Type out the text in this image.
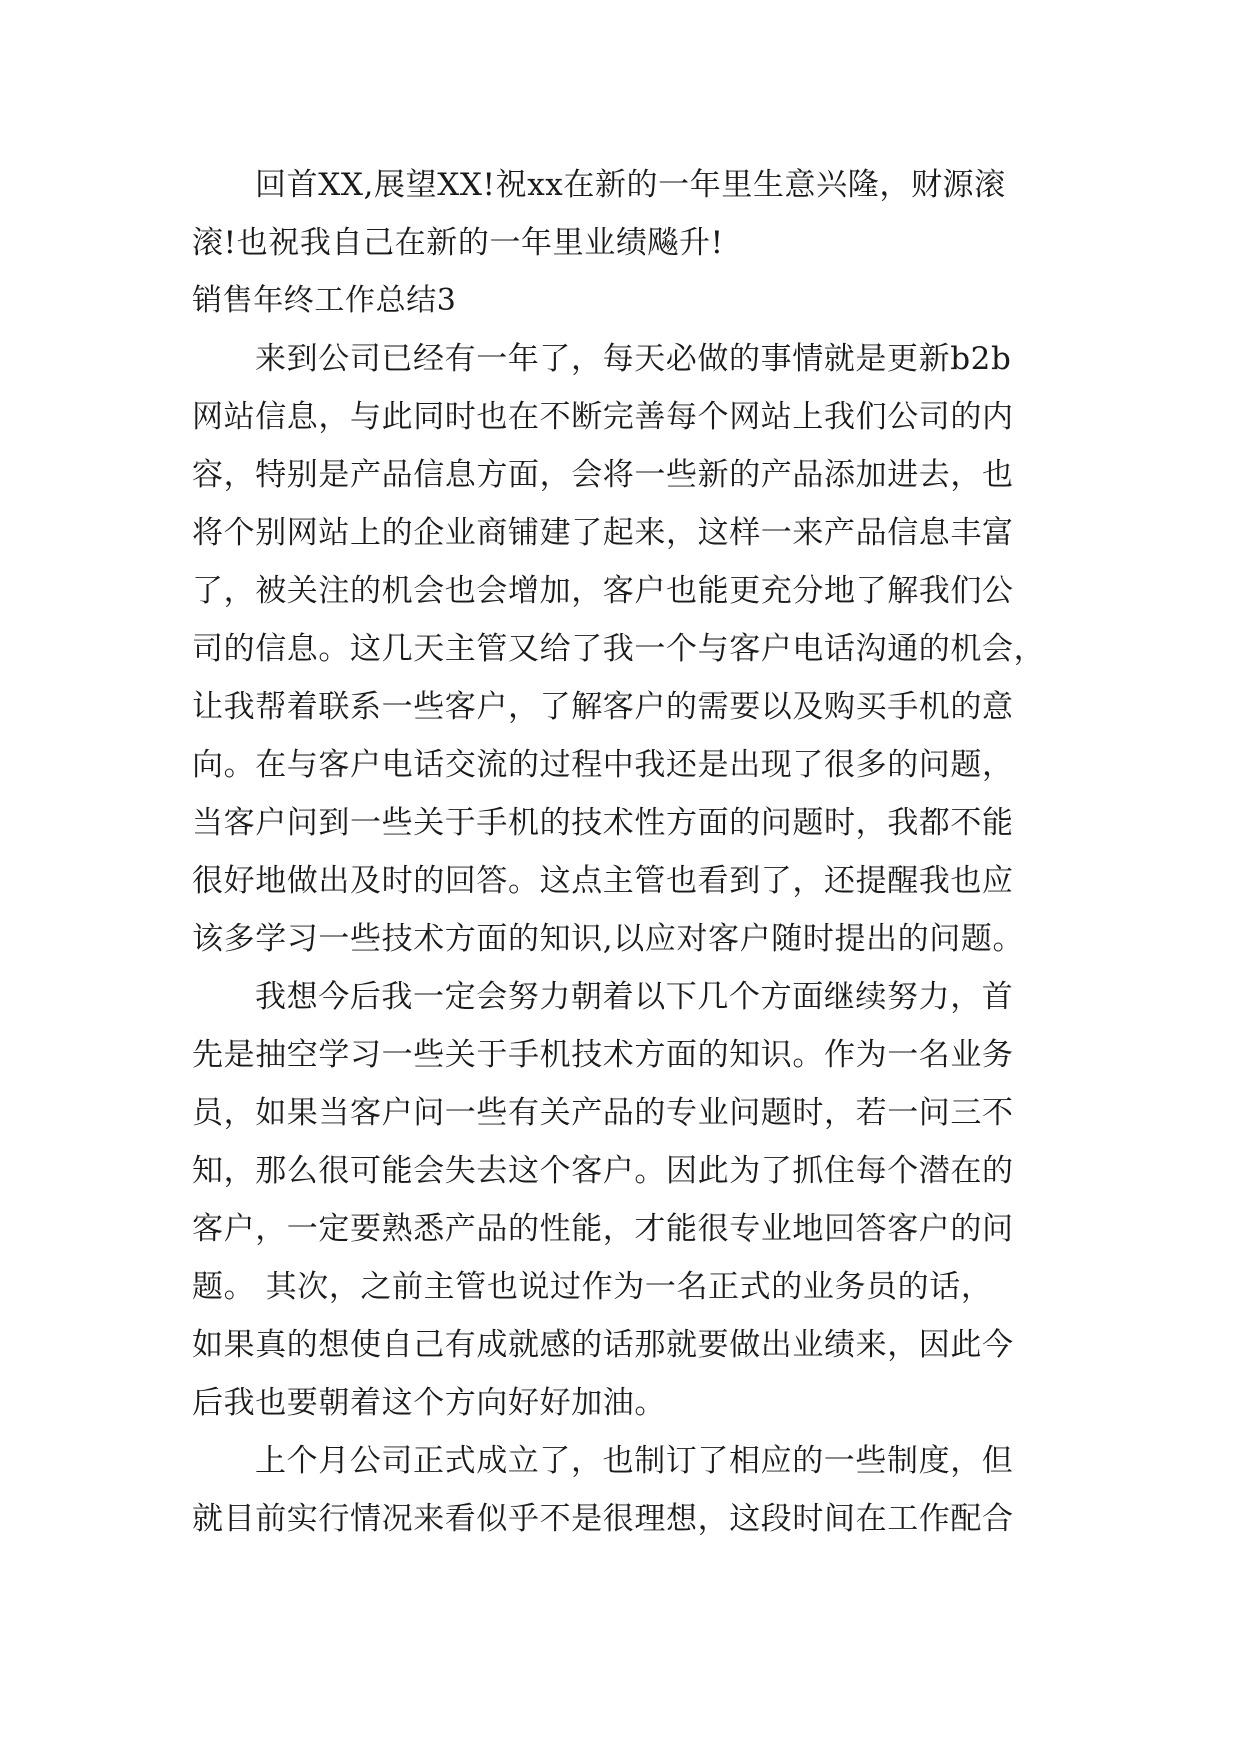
回首XX,展望XX!祝xx在新的一年里生意兴隆，财源滚
滚!也祝我自己在新的一年里业绩飚升!
销售年终工作总结3
来到公司已经有一年了，每天必做的事情就是更新b2b
网站信息，与此同时也在不断完善每个网站上我们公司的内
容，特别是产品信息方面，会将一些新的产品添加进去，也
将个别网站上的企业商铺建了起来，这样一来产品信息丰富
了，被关注的机会也会增加，客户也能更充分地了解我们公
司的信息。这几天主管又给了我一个与客户电话沟通的机会，
让我帮着联系一些客户，了解客户的需要以及购买手机的意
向。在与客户电话交流的过程中我还是出现了很多的问题，
当客户问到一些关于手机的技术性方面的问题时，我都不能
很好地做出及时的回答。这点主管也看到了，还提醒我也应
该多学习一些技术方面的知识,以应对客户随时提出的问题。
我想今后我一定会努力朝着以下几个方面继续努力，首
先是抽空学习一些关于手机技术方面的知识。作为一名业务
员，如果当客户问一些有关产品的专业问题时，若一问三不
知，那么很可能会失去这个客户。因此为了抓住每个潜在的
客户，一定要熟悉产品的性能，才能很专业地回答客户的问
题。 其次，之前主管也说过作为一名正式的业务员的话，
如果真的想使自己有成就感的话那就要做出业绩来，因此今
后我也要朝着这个方向好好加油。
上个月公司正式成立了，也制订了相应的一些制度，但
就目前实行情况来看似乎不是很理想，这段时间在工作配合
